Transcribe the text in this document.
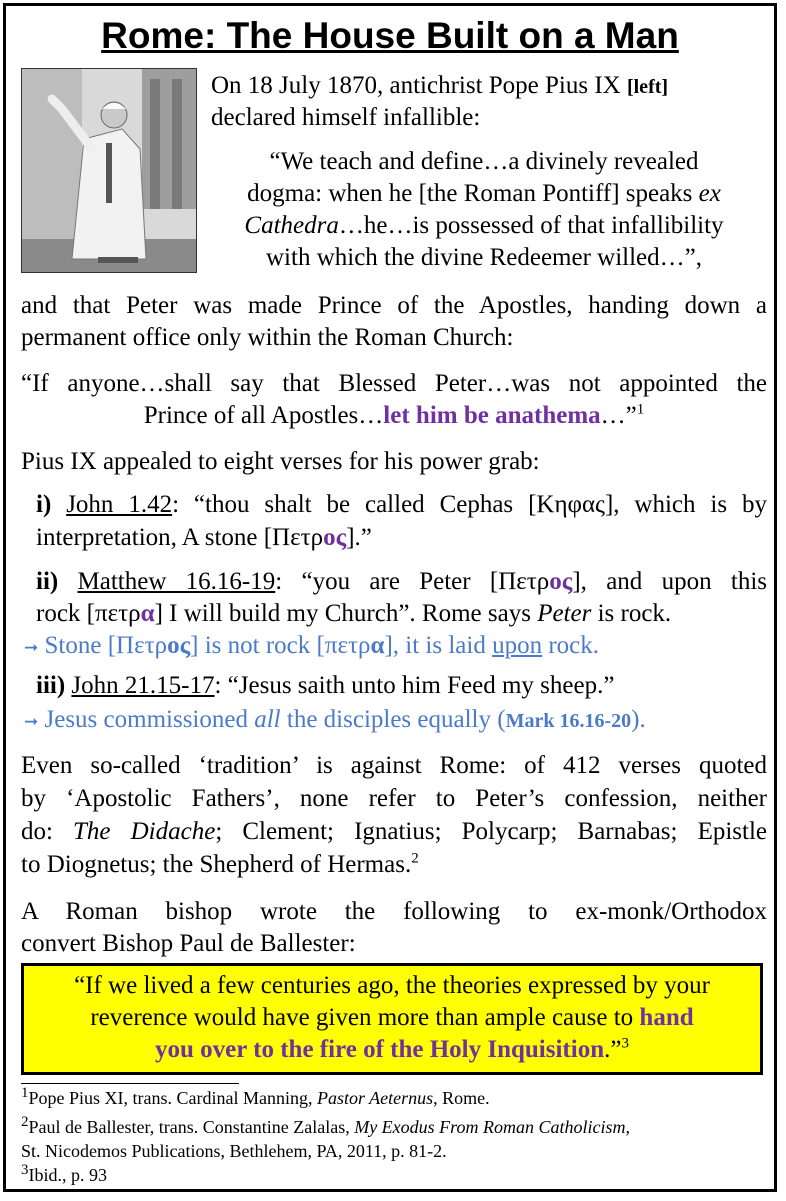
Rome: The House Built on a Man
On 18 July 1870, antichrist Pope Pius IX [left]
declared himself infallible:
“We teach and define…a divinely revealed
dogma: when he [the Roman Pontiff] speaks ex
Cathedra…he…is possessed of that infallibility
with which the divine Redeemer willed…”,
and that Peter was made Prince of the Apostles, handing down a
permanent office only within the Roman Church:
“If anyone…shall say that Blessed Peter…was not appointed the
Prince of all Apostles…let him be anathema…”$^1$
Pius IX appealed to eight verses for his power grab:
i) John 1.42: “thou shalt be called Cephas [Κηφας], which is by
interpretation, A stone [Πετρος].”
ii) Matthew 16.16-19: “you are Peter [Πετρος], and upon this
rock [πετρα] I will build my Church”. Rome says Peter is rock.
➞ Stone [Πετρος] is not rock [πετρα], it is laid upon rock.
iii) John 21.15-17: “Jesus saith unto him Feed my sheep.”
➞ Jesus commissioned all the disciples equally (Mark 16.16-20).
Even so-called ‘tradition’ is against Rome: of 412 verses quoted
by ‘Apostolic Fathers’, none refer to Peter’s confession, neither
do: The Didache; Clement; Ignatius; Polycarp; Barnabas; Epistle
to Diognetus; the Shepherd of Hermas.$^2$
A Roman bishop wrote the following to ex-monk/Orthodox
convert Bishop Paul de Ballester:
“If we lived a few centuries ago, the theories expressed by your
reverence would have given more than ample cause to hand
you over to the fire of the Holy Inquisition.”$^3$
$^1$Pope Pius XI, trans. Cardinal Manning, Pastor Aeternus, Rome.
$^2$Paul de Ballester, trans. Constantine Zalalas, My Exodus From Roman Catholicism,
St. Nicodemos Publications, Bethlehem, PA, 2011, p. 81-2.
$^3$Ibid., p. 93
